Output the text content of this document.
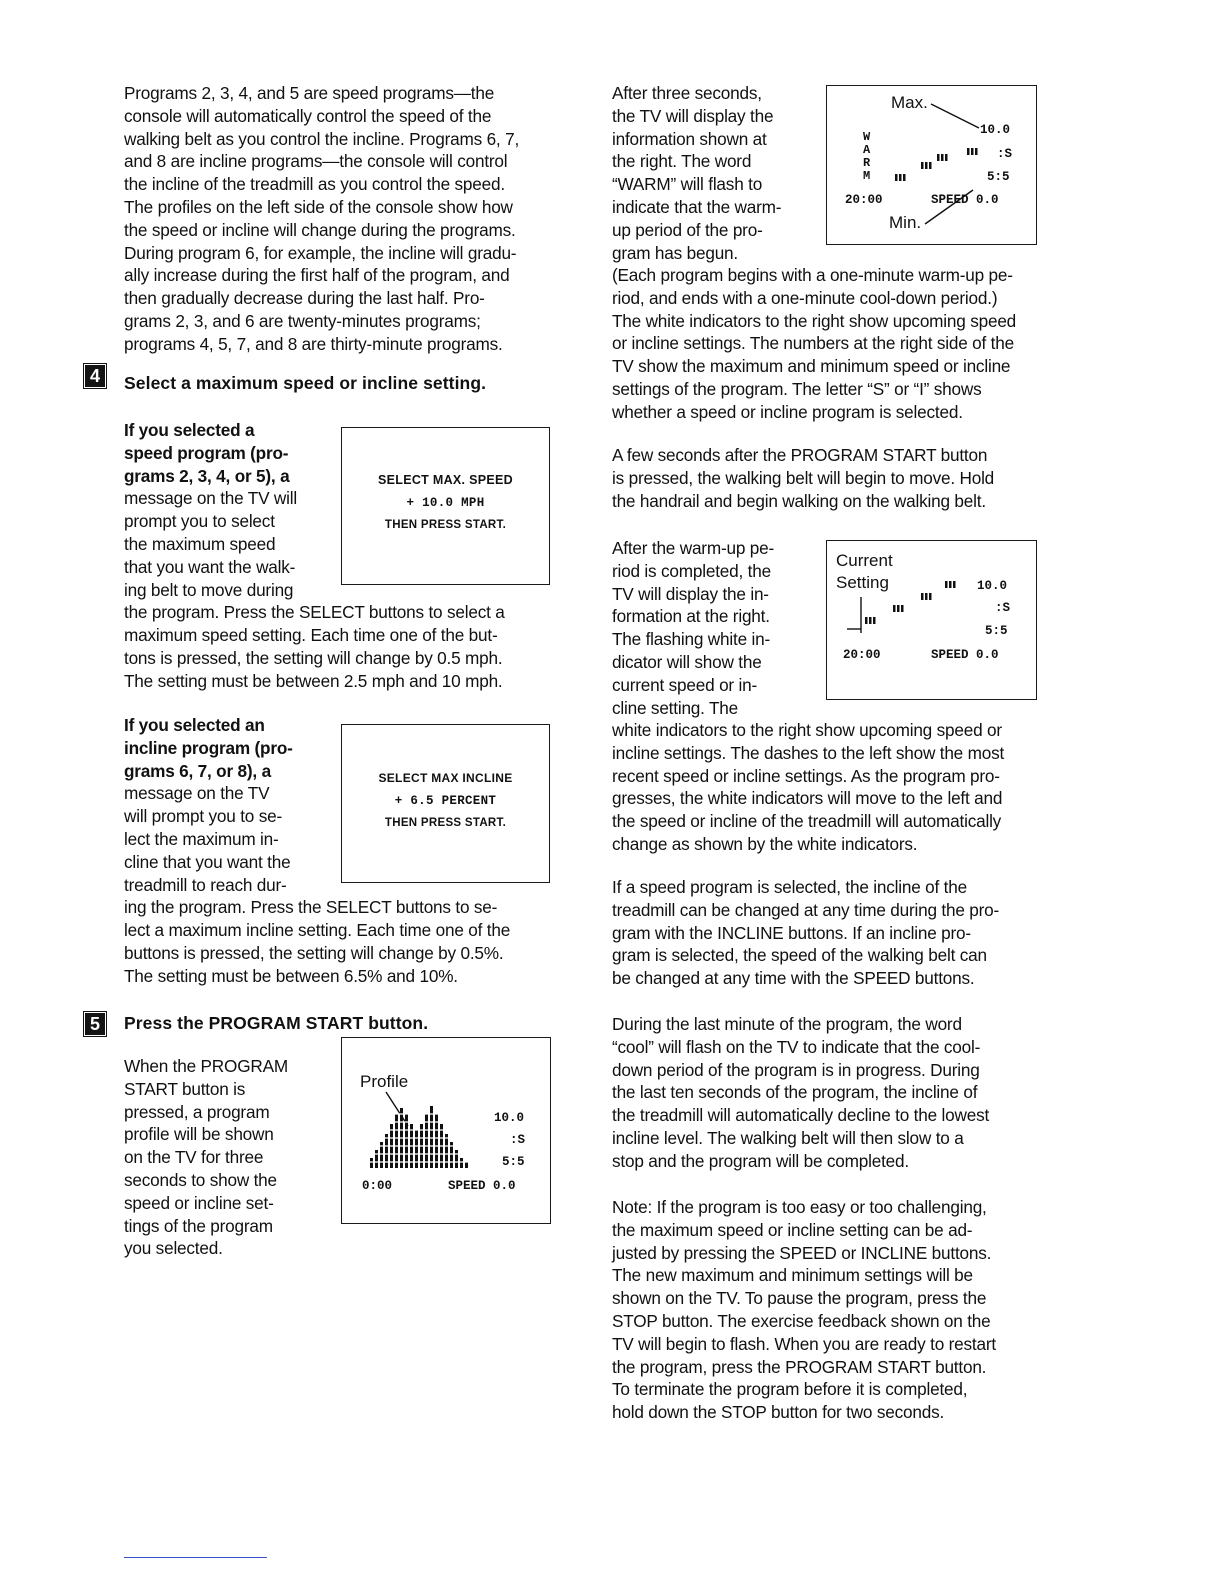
Programs 2, 3, 4, and 5 are speed programs—the

console will automatically control the speed of the

walking belt as you control the incline. Programs 6, 7,

and 8 are incline programs—the console will control

the incline of the treadmill as you control the speed.

The profiles on the left side of the console show how

the speed or incline will change during the programs.

During program 6, for example, the incline will gradu-

ally increase during the first half of the program, and

then gradually decrease during the last half. Pro-

grams 2, 3, and 6 are twenty-minutes programs;

programs 4, 5, 7, and 8 are thirty-minute programs.

4	Select a maximum speed or incline setting.

If you selected a

speed program (pro-

grams 2, 3, 4, or 5), a

message on the TV will

prompt you to select

the maximum speed

that you want the walk-

ing belt to move during

the program. Press the SELECT buttons to select a

maximum speed setting. Each time one of the but-

tons is pressed, the setting will change by 0.5 mph.

The setting must be between 2.5 mph and 10 mph.

SELECT MAX. SPEED
+ 10.0 MPH
THEN PRESS START.

If you selected an

incline program (pro-

grams 6, 7, or 8), a

message on the TV

will prompt you to se-

lect the maximum in-

cline that you want the

treadmill to reach dur-

ing the program. Press the SELECT buttons to se-

lect a maximum incline setting. Each time one of the

buttons is pressed, the setting will change by 0.5%.

The setting must be between 6.5% and 10%.

SELECT MAX INCLINE
+ 6.5 PERCENT
THEN PRESS START.
5	Press the PROGRAM START button.

When the PROGRAM

START button is

pressed, a program

profile will be shown

on the TV for three

seconds to show the

speed or incline set-

tings of the program

you selected.

Profile
10.0
:S
5:5
0:00	SPEED 0.0

After three seconds,

the TV will display the

information shown at

the right. The word

“WARM” will flash to

indicate that the warm-

up period of the pro-

gram has begun.

Max.
Min.
W
A
R
M
10.0
:S
5:5
20:00	SPEED 0.0

(Each program begins with a one-minute warm-up pe-

riod, and ends with a one-minute cool-down period.)

The white indicators to the right show upcoming speed

or incline settings. The numbers at the right side of the

TV show the maximum and minimum speed or incline

settings of the program. The letter “S” or “I” shows

whether a speed or incline program is selected.

A few seconds after the PROGRAM START button

is pressed, the walking belt will begin to move. Hold

the handrail and begin walking on the walking belt.

After the warm-up pe-

riod is completed, the

TV will display the in-

formation at the right.

The flashing white in-

dicator will show the

current speed or in-

cline setting. The

Current
Setting	10.0
:S
5:5
20:00	SPEED 0.0

white indicators to the right show upcoming speed or

incline settings. The dashes to the left show the most

recent speed or incline settings. As the program pro-

gresses, the white indicators will move to the left and

the speed or incline of the treadmill will automatically

change as shown by the white indicators.

If a speed program is selected, the incline of the

treadmill can be changed at any time during the pro-

gram with the INCLINE buttons. If an incline pro-

gram is selected, the speed of the walking belt can

be changed at any time with the SPEED buttons.

During the last minute of the program, the word

“cool” will flash on the TV to indicate that the cool-

down period of the program is in progress. During

the last ten seconds of the program, the incline of

the treadmill will automatically decline to the lowest

incline level. The walking belt will then slow to a

stop and the program will be completed.

Note: If the program is too easy or too challenging,

the maximum speed or incline setting can be ad-

justed by pressing the SPEED or INCLINE buttons.

The new maximum and minimum settings will be

shown on the TV. To pause the program, press the

STOP button. The exercise feedback shown on the

TV will begin to flash. When you are ready to restart

the program, press the PROGRAM START button.

To terminate the program before it is completed,

hold down the STOP button for two seconds.
